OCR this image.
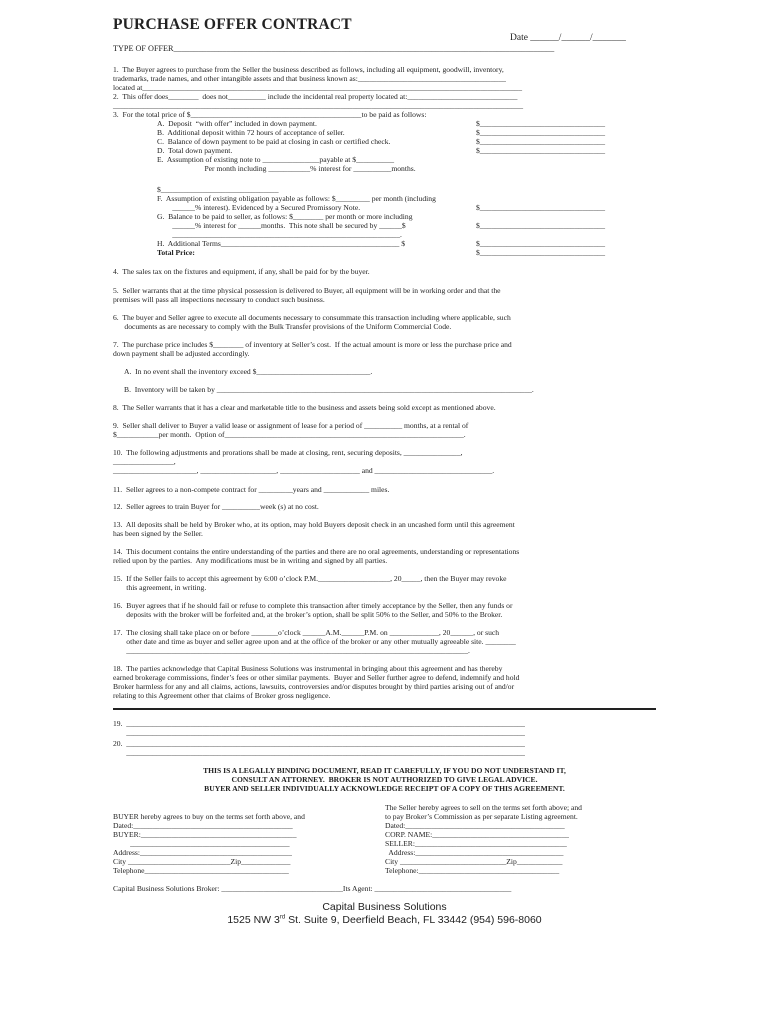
PURCHASE OFFER CONTRACT
Date ______/______/_______
TYPE OF OFFER_____________________________________________________________________________________________
1.  The Buyer agrees to purchase from the Seller the business described as follows, including all equipment, goodwill, inventory,
trademarks, trade names, and other intangible assets and that business known as:_______________________________________
located at____________________________________________________________________________________________________
2.  This offer does________  does not__________ include the incidental real property located at:_____________________________
____________________________________________________________________________________________________________
3.  For the total price of $_____________________________________________to be paid as follows:
A.  Deposit  “with offer” included in down payment.
B.  Additional deposit within 72 hours of acceptance of seller.
C.  Balance of down payment to be paid at closing in cash or certified check.
D.  Total down payment.
E.  Assumption of existing note to _______________payable at $__________
Per month including ___________% interest for __________months.
$_________________________________
$_________________________________
$_________________________________
$_________________________________
$_______________________________
F.  Assumption of existing obligation payable as follows: $_________ per month (including
______% interest). Evidenced by a Secured Promissory Note.
G.  Balance to be paid to seller, as follows: $________ per month or more including
______% interest for ______months.  This note shall be secured by ______$
____________________________________________________________.
H.  Additional Terms_______________________________________________ $
Total Price:
$_________________________________
$_________________________________
$_________________________________
$_________________________________
4.  The sales tax on the fixtures and equipment, if any, shall be paid for by the buyer.
5.  Seller warrants that at the time physical possession is delivered to Buyer, all equipment will be in working order and that the
premises will pass all inspections necessary to conduct such business.
6.  The buyer and Seller agree to execute all documents necessary to consummate this transaction including where applicable, such
documents as are necessary to comply with the Bulk Transfer provisions of the Uniform Commercial Code.
7.  The purchase price includes $________ of inventory at Seller’s cost.  If the actual amount is more or less the purchase price and
down payment shall be adjusted accordingly.
A.  In no event shall the inventory exceed $______________________________.
B.  Inventory will be taken by ___________________________________________________________________________________.
8.  The Seller warrants that it has a clear and marketable title to the business and assets being sold except as mentioned above.
9.  Seller shall deliver to Buyer a valid lease or assignment of lease for a period of __________ months, at a rental of
$___________per month.  Option of_______________________________________________________________.
10.  The following adjustments and prorations shall be made at closing, rent, securing deposits, _______________,
________________,
______________________, ____________________, _____________________ and _______________________________.
11.  Seller agrees to a non-compete contract for _________years and ____________ miles.
12.  Seller agrees to train Buyer for __________week (s) at no cost.
13.  All deposits shall be held by Broker who, at its option, may hold Buyers deposit check in an uncashed form until this agreement
has been signed by the Seller.
14.  This document contains the entire understanding of the parties and there are no oral agreements, understanding or representations
relied upon by the parties.  Any modifications must be in writing and signed by all parties.
15.  If the Seller fails to accept this agreement by 6:00 o’clock P.M.___________________, 20_____, then the Buyer may revoke
this agreement, in writing.
16.  Buyer agrees that if he should fail or refuse to complete this transaction after timely acceptance by the Seller, then any funds or
deposits with the broker will be forfeited and, at the broker’s option, shall be split 50% to the Seller, and 50% to the Broker.
17.  The closing shall take place on or before _______o’clock ______A.M.______P.M. on _____________, 20______, or such
other date and time as buyer and seller agree upon and at the office of the broker or any other mutually agreeable site. ________
__________________________________________________________________________________________.
18.  The parties acknowledge that Capital Business Solutions was instrumental in bringing about this agreement and has thereby
earned brokerage commissions, finder’s fees or other similar payments.  Buyer and Seller further agree to defend, indemnify and hold
Broker harmless for any and all claims, actions, lawsuits, controversies and/or disputes brought by third parties arising out of and/or
relating to this Agreement other that claims of Broker gross negligence.
19.  _________________________________________________________________________________________________________
_________________________________________________________________________________________________________
20.  _________________________________________________________________________________________________________
_________________________________________________________________________________________________________
THIS IS A LEGALLY BINDING DOCUMENT, READ IT CAREFULLY, IF YOU DO NOT UNDERSTAND IT,
CONSULT AN ATTORNEY.  BROKER IS NOT AUTHORIZED TO GIVE LEGAL ADVICE.
BUYER AND SELLER INDIVIDUALLY ACKNOWLEDGE RECEIPT OF A COPY OF THIS AGREEMENT.
BUYER hereby agrees to buy on the terms set forth above, and
Dated:__________________________________________
BUYER:_________________________________________
__________________________________________
Address:________________________________________
City ___________________________Zip_____________
Telephone______________________________________
The Seller hereby agrees to sell on the terms set forth above; and
to pay Broker’s Commission as per separate Listing agreement.
Dated:__________________________________________
CORP. NAME:____________________________________
SELLER:________________________________________
Address:_______________________________________
City ____________________________Zip____________
Telephone:_____________________________________
Capital Business Solutions Broker: ________________________________Its Agent: ____________________________________
Capital Business Solutions
1525 NW 3rd St. Suite 9, Deerfield Beach, FL 33442 (954) 596-8060
